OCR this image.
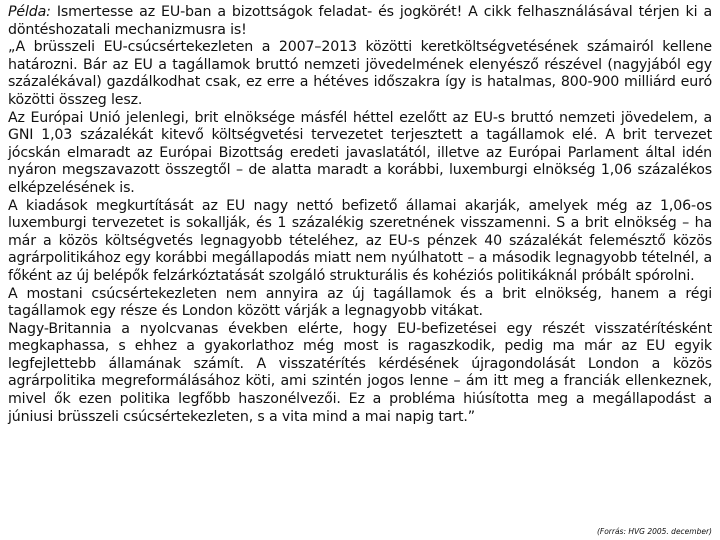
Példa: Ismertesse az EU-ban a bizottságok feladat- és jogkörét! A cikk felhasználásával térjen ki a döntéshozatali mechanizmusra is!

„A brüsszeli EU-csúcsértekezleten a 2007–2013 közötti keretköltségvetésének számairól kellene határozni. Bár az EU a tagállamok bruttó nemzeti jövedelmének elenyésző részével (nagyjából egy százalékával) gazdálkodhat csak, ez erre a hétéves időszakra így is hatalmas, 800-900 milliárd euró közötti összeg lesz.

Az Európai Unió jelenlegi, brit elnöksége másfél héttel ezelőtt az EU-s bruttó nemzeti jövedelem, a GNI 1,03 százalékát kitevő költségvetési tervezetet terjesztett a tagállamok elé. A brit tervezet jócskán elmaradt az Európai Bizottság eredeti javaslatától, illetve az Európai Parlament által idén nyáron megszavazott összegtől – de alatta maradt a korábbi, luxemburgi elnökség 1,06 százalékos elképzelésének is.

A kiadások megkurtítását az EU nagy nettó befizető államai akarják, amelyek még az 1,06-os luxemburgi tervezetet is sokallják, és 1 százalékig szeretnének visszamenni. S a brit elnökség – ha már a közös költségvetés legnagyobb tételéhez, az EU-s pénzek 40 százalékát felemésztő közös agrárpolitikához egy korábbi megállapodás miatt nem nyúlhatott – a második legnagyobb tételnél, a főként az új belépők felzárkóztatását szolgáló strukturális és kohéziós politikáknál próbált spórolni.

A mostani csúcsértekezleten nem annyira az új tagállamok és a brit elnökség, hanem a régi tagállamok egy része és London között várják a legnagyobb vitákat.

Nagy-Britannia a nyolcvanas években elérte, hogy EU-befizetései egy részét visszatérítésként megkaphassa, s ehhez a gyakorlathoz még most is ragaszkodik, pedig ma már az EU egyik legfejlettebb államának számít. A visszatérítés kérdésének újragondolását London a közös agrárpolitika megreformálásához köti, ami szintén jogos lenne – ám itt meg a franciák ellenkeznek, mivel ők ezen politika legfőbb haszonélvezői. Ez a probléma hiúsította meg a megállapodást a júniusi brüsszeli csúcsértekezleten, s a vita mind a mai napig tart.”

(Forrás: HVG 2005. december)
